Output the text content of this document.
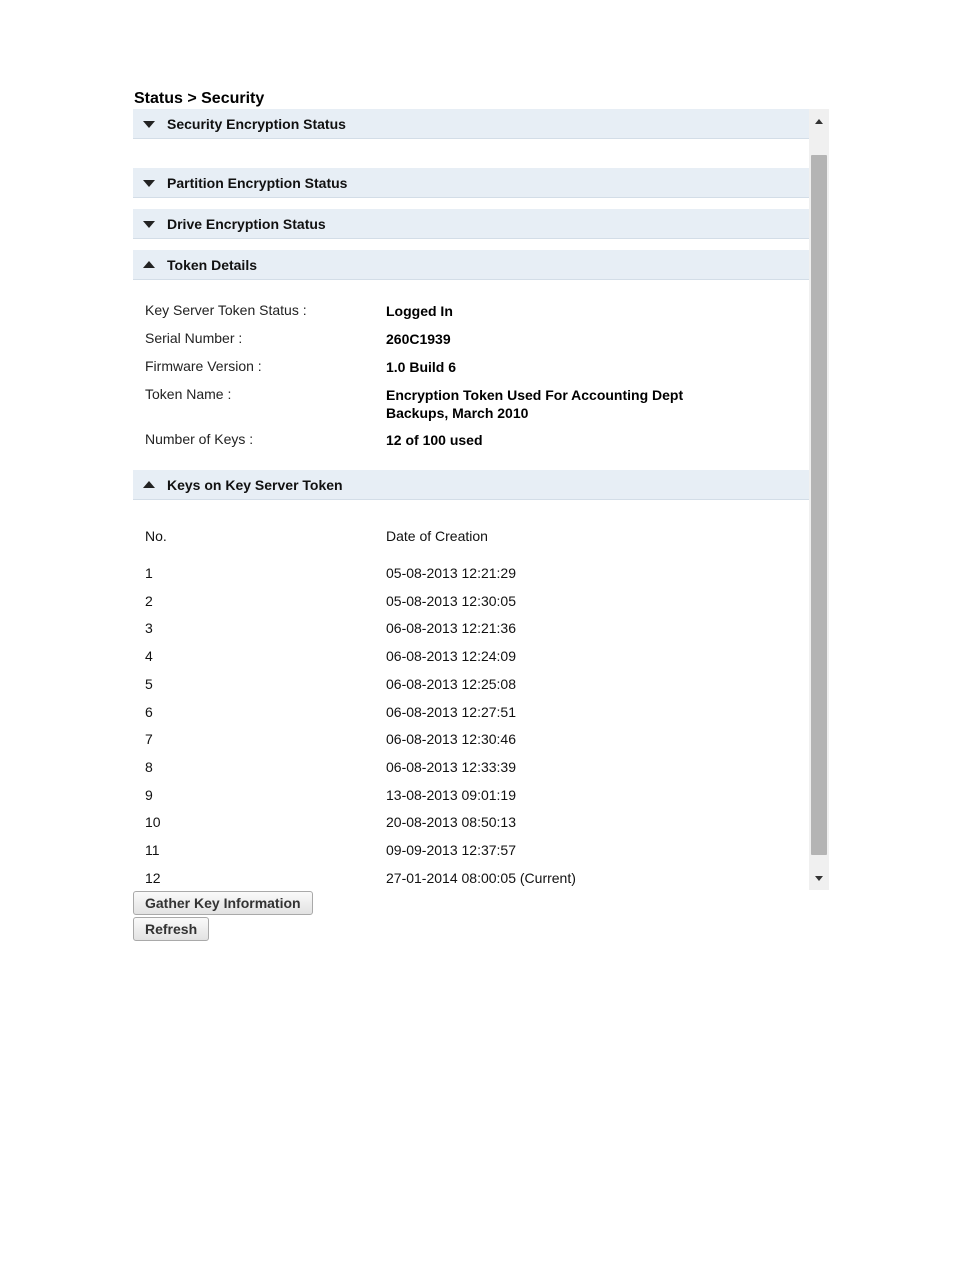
Status > Security
Security Encryption Status
Partition Encryption Status
Drive Encryption Status
Token Details
Key Server Token Status :	Logged In
Serial Number :	260C1939
Firmware Version :	1.0 Build 6
Token Name :	Encryption Token Used For Accounting Dept Backups, March 2010
Number of Keys :	12 of 100 used
Keys on Key Server Token
No.	Date of Creation
1	05-08-2013 12:21:29
2	05-08-2013 12:30:05
3	06-08-2013 12:21:36
4	06-08-2013 12:24:09
5	06-08-2013 12:25:08
6	06-08-2013 12:27:51
7	06-08-2013 12:30:46
8	06-08-2013 12:33:39
9	13-08-2013 09:01:19
10	20-08-2013 08:50:13
11	09-09-2013 12:37:57
12	27-01-2014 08:00:05 (Current)
Gather Key Information
Refresh
